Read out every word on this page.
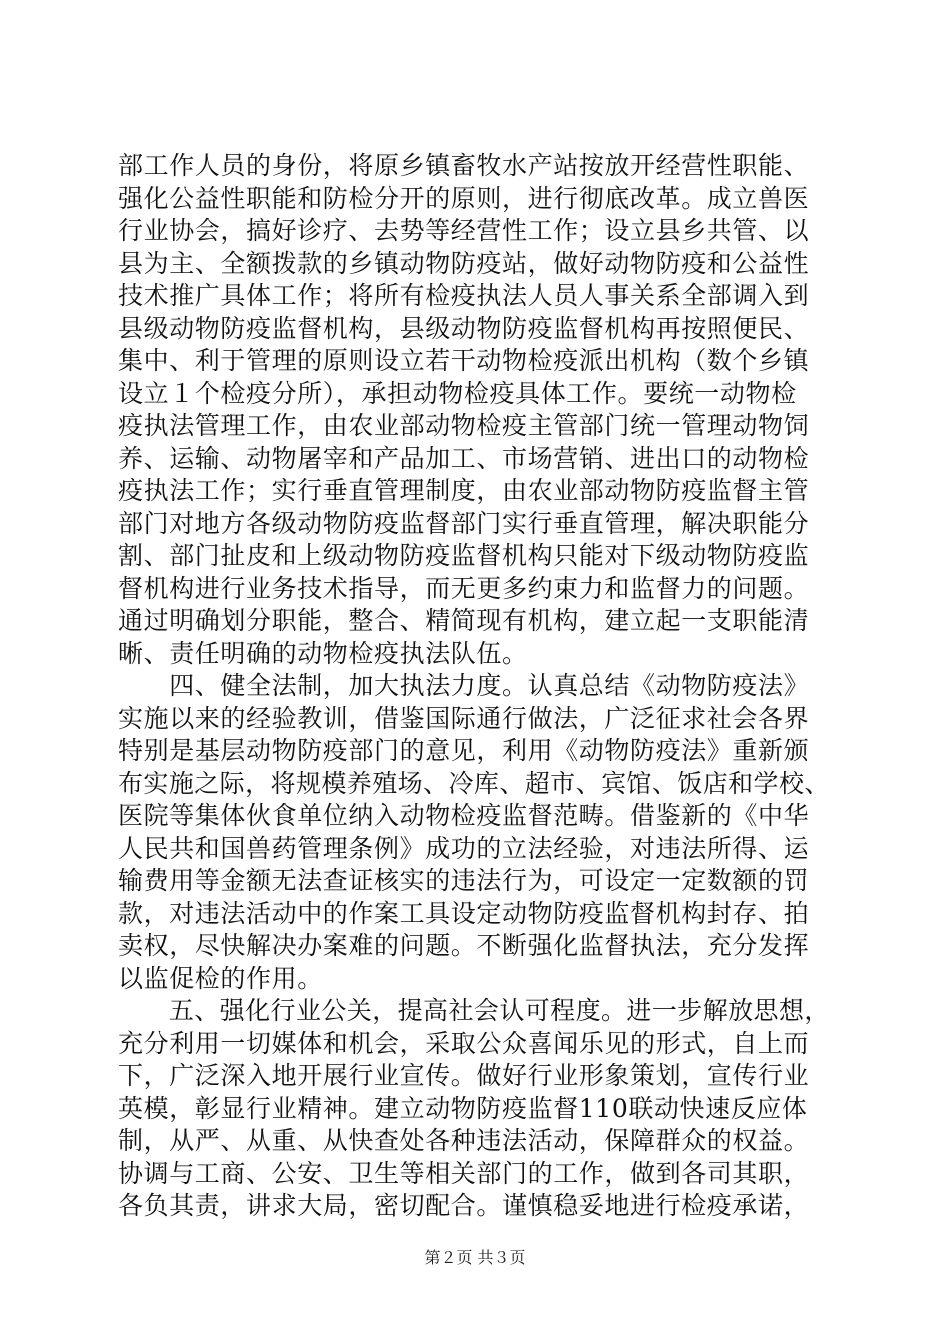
部工作人员的身份，将原乡镇畜牧水产站按放开经营性职能、
强化公益性职能和防检分开的原则，进行彻底改革。成立兽医
行业协会，搞好诊疗、去势等经营性工作；设立县乡共管、以
县为主、全额拨款的乡镇动物防疫站，做好动物防疫和公益性
技术推广具体工作；将所有检疫执法人员人事关系全部调入到
县级动物防疫监督机构，县级动物防疫监督机构再按照便民、
集中、利于管理的原则设立若干动物检疫派出机构（数个乡镇
设立１个检疫分所），承担动物检疫具体工作。要统一动物检
疫执法管理工作，由农业部动物检疫主管部门统一管理动物饲
养、运输、动物屠宰和产品加工、市场营销、进出口的动物检
疫执法工作；实行垂直管理制度，由农业部动物防疫监督主管
部门对地方各级动物防疫监督部门实行垂直管理，解决职能分
割、部门扯皮和上级动物防疫监督机构只能对下级动物防疫监
督机构进行业务技术指导，而无更多约束力和监督力的问题。
通过明确划分职能，整合、精简现有机构，建立起一支职能清
晰、责任明确的动物检疫执法队伍。
　　四、健全法制，加大执法力度。认真总结《动物防疫法》
实施以来的经验教训，借鉴国际通行做法，广泛征求社会各界
特别是基层动物防疫部门的意见，利用《动物防疫法》重新颁
布实施之际，将规模养殖场、冷库、超市、宾馆、饭店和学校、
医院等集体伙食单位纳入动物检疫监督范畴。借鉴新的《中华
人民共和国兽药管理条例》成功的立法经验，对违法所得、运
输费用等金额无法查证核实的违法行为，可设定一定数额的罚
款，对违法活动中的作案工具设定动物防疫监督机构封存、拍
卖权，尽快解决办案难的问题。不断强化监督执法，充分发挥
以监促检的作用。
　　五、强化行业公关，提高社会认可程度。进一步解放思想，
充分利用一切媒体和机会，采取公众喜闻乐见的形式，自上而
下，广泛深入地开展行业宣传。做好行业形象策划，宣传行业
英模，彰显行业精神。建立动物防疫监督110联动快速反应体
制，从严、从重、从快查处各种违法活动，保障群众的权益。
协调与工商、公安、卫生等相关部门的工作，做到各司其职，
各负其责，讲求大局，密切配合。谨慎稳妥地进行检疫承诺，
第２页 共３页
